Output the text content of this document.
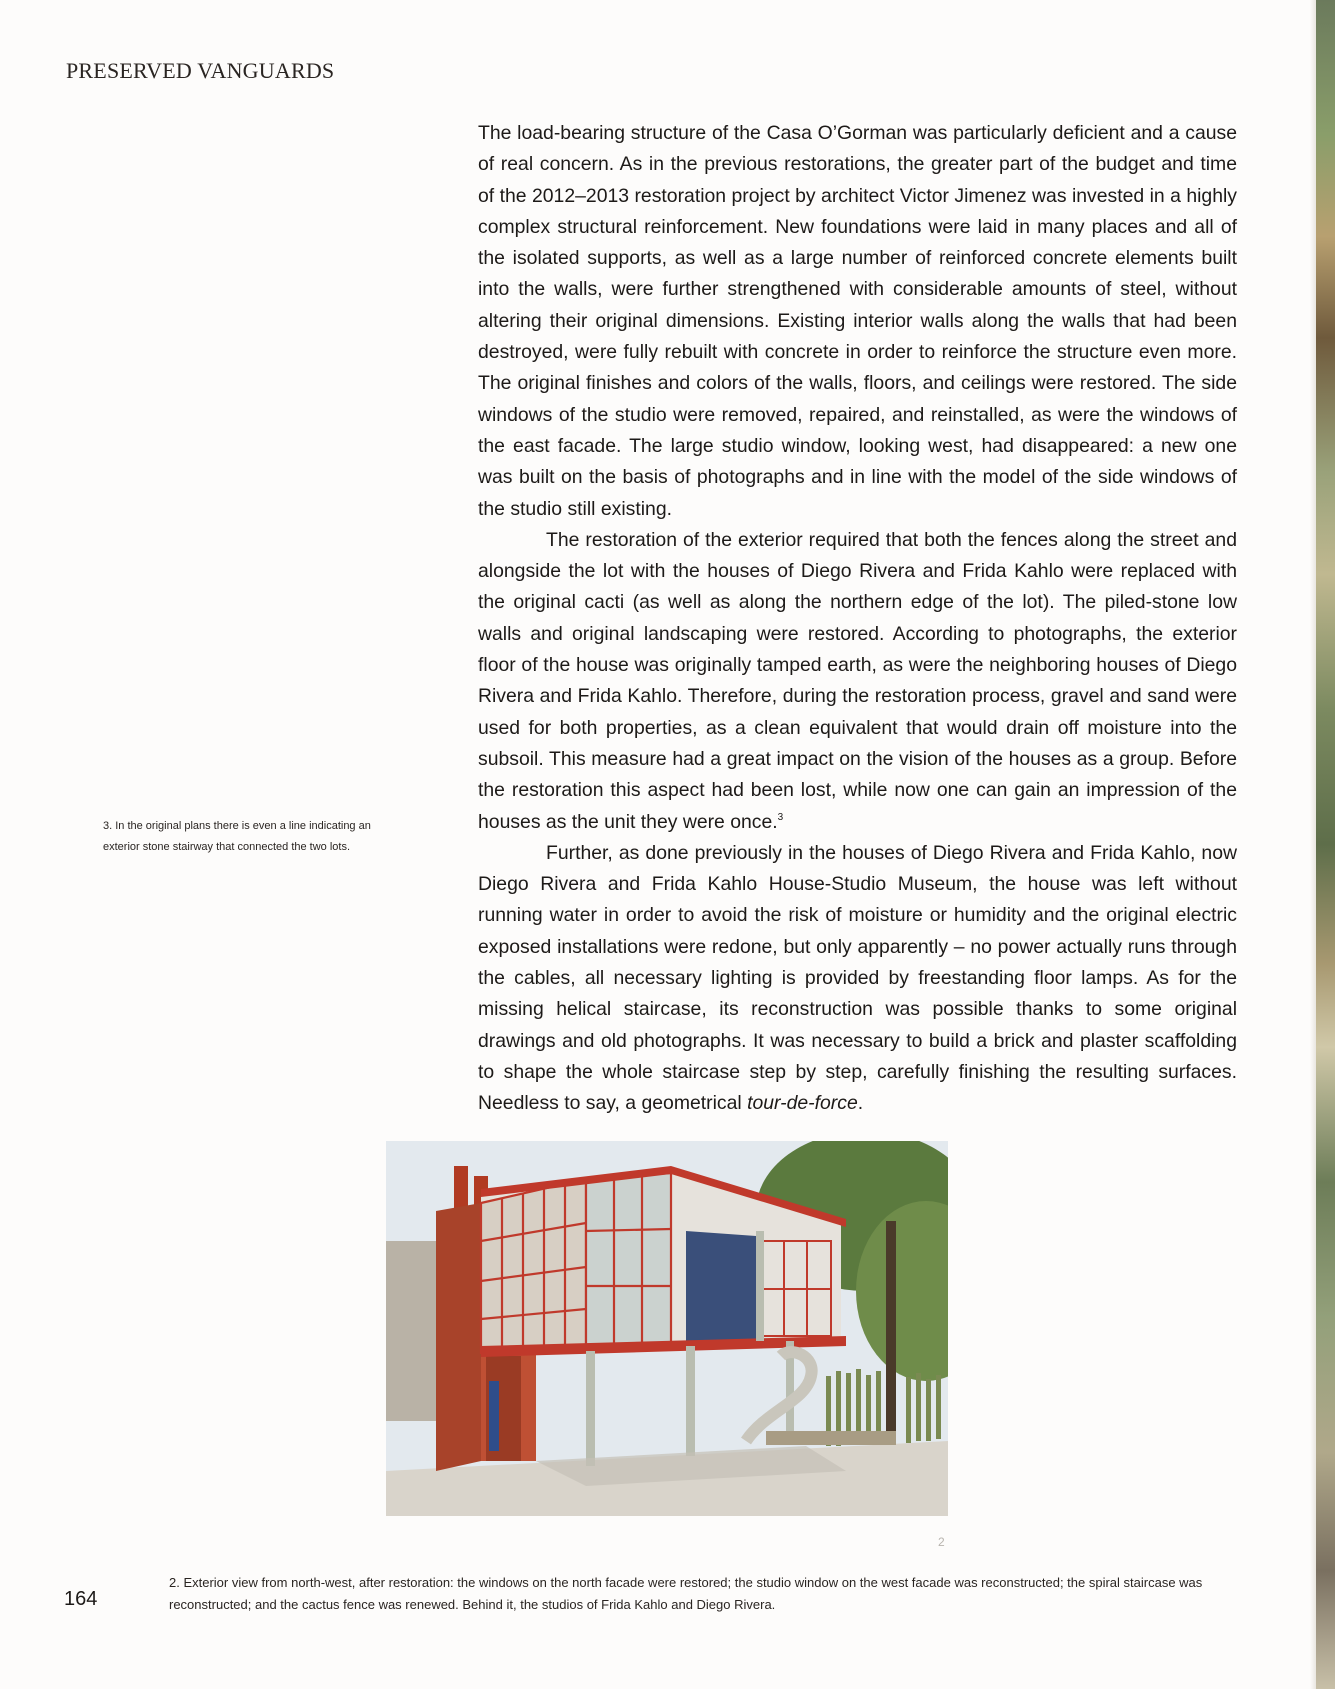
PRESERVED VANGUARDS

The load-bearing structure of the Casa O’Gorman was particularly deficient and a cause of real concern. As in the previous restorations, the greater part of the budget and time of the 2012–2013 restoration project by architect Victor Jimenez was invested in a highly complex structural reinforcement. New foundations were laid in many places and all of the isolated supports, as well as a large number of reinforced concrete elements built into the walls, were further strengthened with considerable amounts of steel, without altering their original dimensions. Existing interior walls along the walls that had been destroyed, were fully rebuilt with concrete in order to reinforce the structure even more. The original finishes and colors of the walls, floors, and ceilings were restored. The side windows of the studio were removed, repaired, and reinstalled, as were the windows of the east facade. The large studio window, looking west, had disappeared: a new one was built on the basis of photographs and in line with the model of the side windows of the studio still existing.

The restoration of the exterior required that both the fences along the street and alongside the lot with the houses of Diego Rivera and Frida Kahlo were replaced with the original cacti (as well as along the northern edge of the lot). The piled-stone low walls and original landscaping were restored. According to photographs, the exterior floor of the house was originally tamped earth, as were the neighboring houses of Diego Rivera and Frida Kahlo. Therefore, during the restoration process, gravel and sand were used for both properties, as a clean equivalent that would drain off moisture into the subsoil. This measure had a great impact on the vision of the houses as a group. Before the restoration this aspect had been lost, while now one can gain an impression of the houses as the unit they were once.$^3$

Further, as done previously in the houses of Diego Rivera and Frida Kahlo, now Diego Rivera and Frida Kahlo House-Studio Museum, the house was left without running water in order to avoid the risk of moisture or humidity and the original electric exposed installations were redone, but only apparently – no power actually runs through the cables, all necessary lighting is provided by freestanding floor lamps. As for the missing helical staircase, its reconstruction was possible thanks to some original drawings and old photographs. It was necessary to build a brick and plaster scaffolding to shape the whole staircase step by step, carefully finishing the resulting surfaces. Needless to say, a geometrical tour-de-force.

3. In the original plans there is even a line indicating an exterior stone stairway that connected the two lots.

2
164

2. Exterior view from north-west, after restoration: the windows on the north facade were restored; the studio window on the west facade was reconstructed; the spiral staircase was reconstructed; and the cactus fence was renewed. Behind it, the studios of Frida Kahlo and Diego Rivera.
